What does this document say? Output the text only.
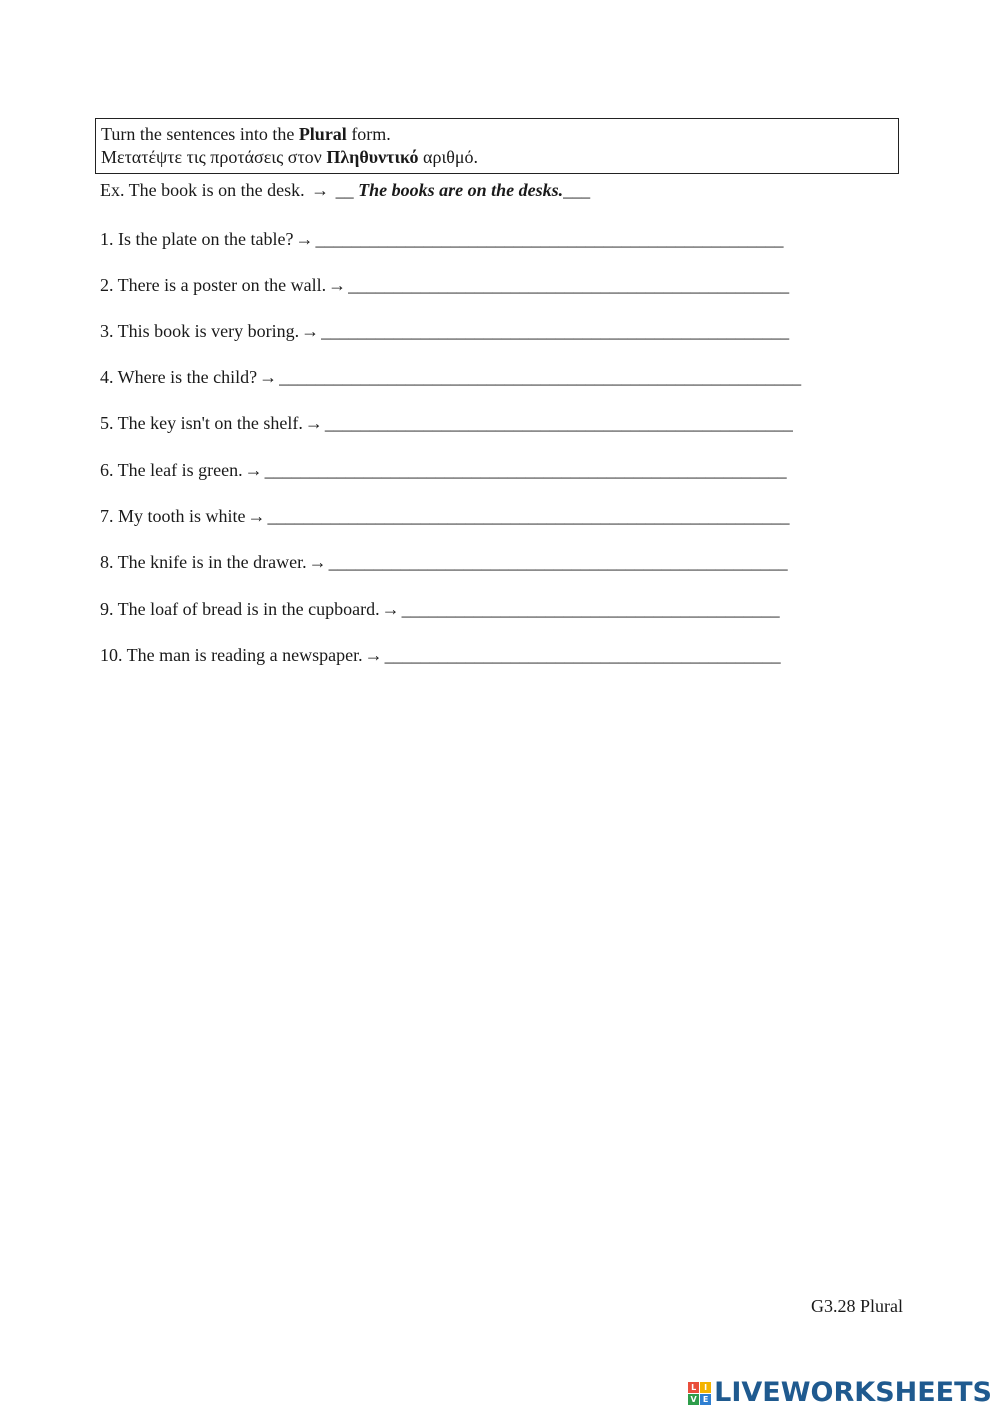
Turn the sentences into the Plural form.
Μετατέψτε τις προτάσεις στον Πληθυντικό αριθμό.
Ex. The book is on the desk. → __ The books are on the desks.___
1. Is the plate on the table? → ____________________________________________________
2. There is a poster on the wall. → _________________________________________________
3. This book is very boring. → ____________________________________________________
4. Where is the child? → __________________________________________________________
5. The key isn't on the shelf. → ____________________________________________________
6. The leaf is green. → __________________________________________________________
7. My tooth is white → __________________________________________________________
8. The knife is in the drawer. → ___________________________________________________
9. The loaf of bread is in the cupboard. → __________________________________________
10. The man is reading a newspaper. → ____________________________________________
G3.28 Plural
L I
V E LIVEWORKSHEETS
